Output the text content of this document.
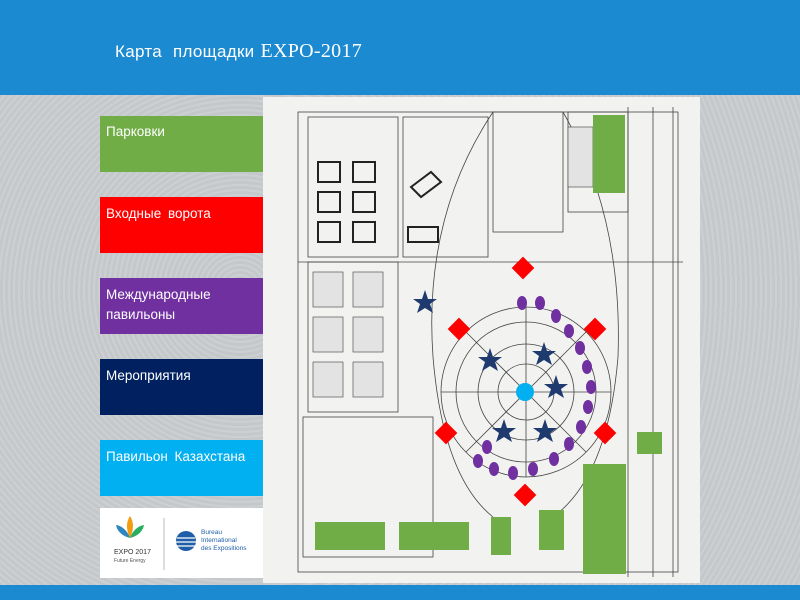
Карта площадки EXPO-2017
Парковки
Входные ворота
Международные павильоны
Мероприятия
Павильон Казахстана
EXPO 2017
Future Energy
Bureau
International
des Expositions
